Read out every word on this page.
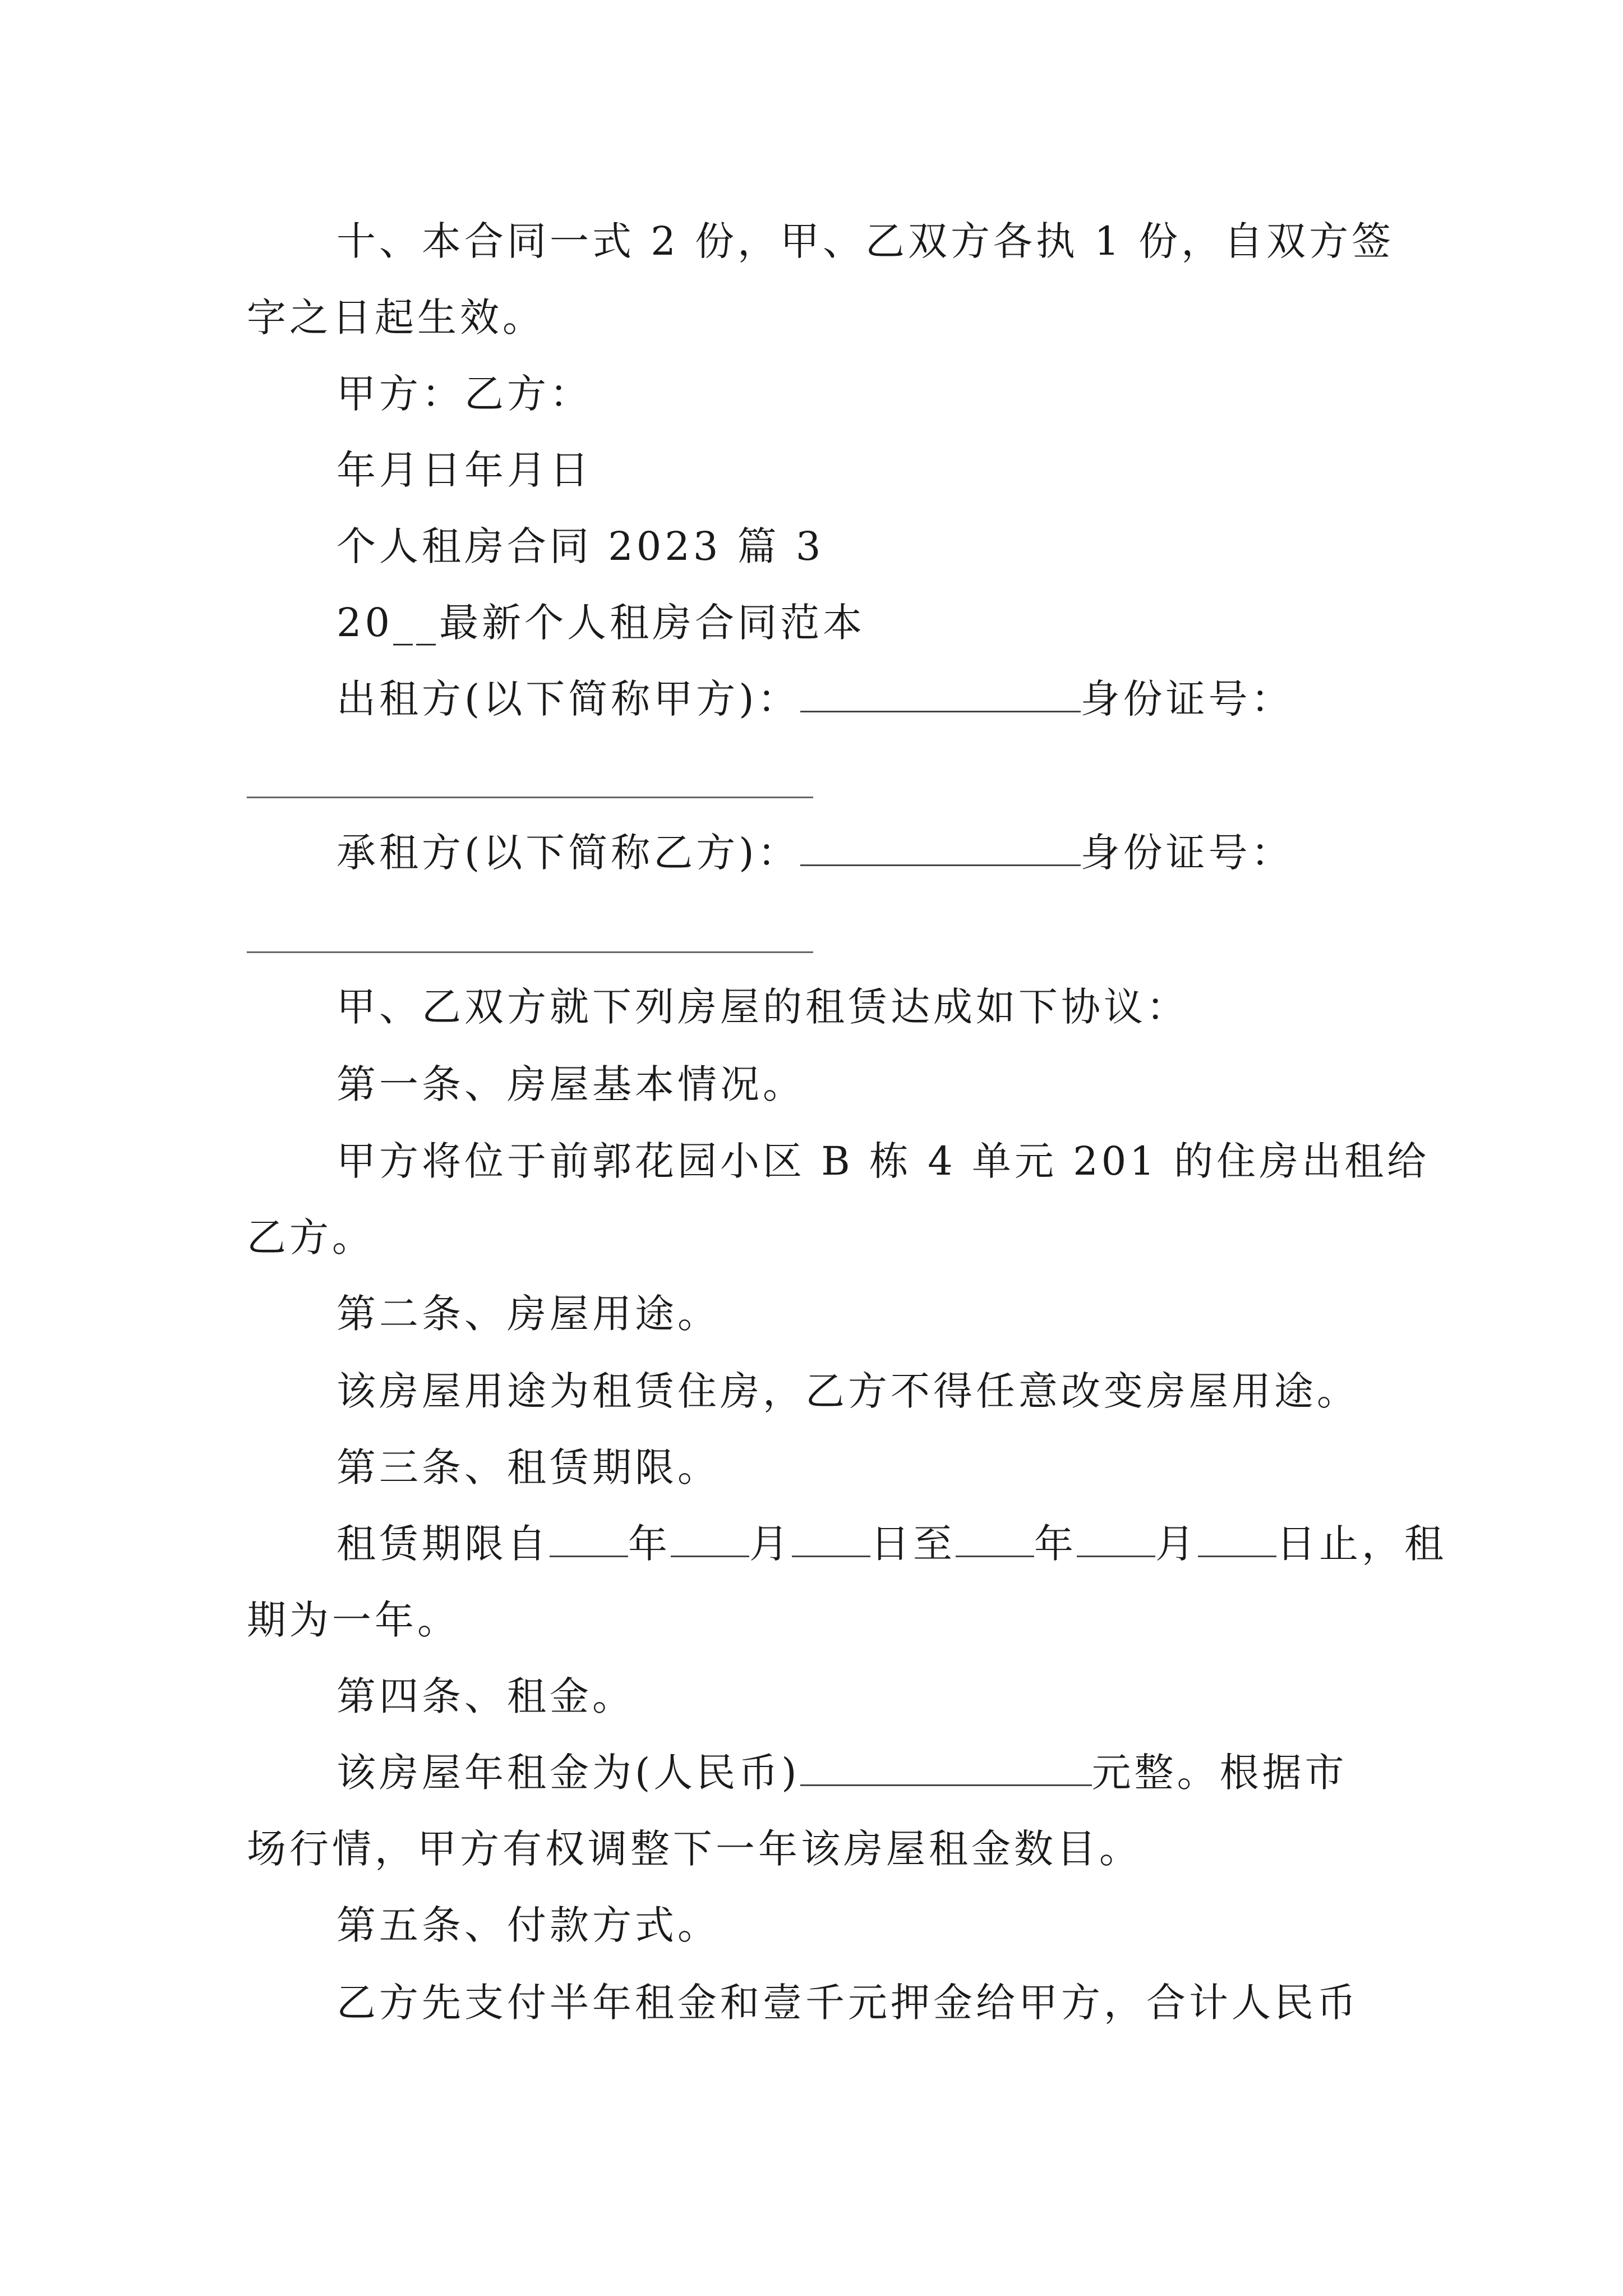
十、本合同一式 2 份，甲、乙双方各执 1 份，自双方签
字之日起生效。
甲方：乙方：
年月日年月日
个人租房合同 2023 篇 3
20__最新个人租房合同范本
出租方(以下简称甲方)：	身份证号：
承租方(以下简称乙方)：	身份证号：
甲、乙双方就下列房屋的租赁达成如下协议：
第一条、房屋基本情况。
甲方将位于前郭花园小区 B 栋 4 单元 201 的住房出租给
乙方。
第二条、房屋用途。
该房屋用途为租赁住房，乙方不得任意改变房屋用途。
第三条、租赁期限。
租赁期限自 年 月 日至 年 月 日止，租
期为一年。
第四条、租金。
该房屋年租金为(人民币)	元整。根据市
场行情，甲方有权调整下一年该房屋租金数目。
第五条、付款方式。
乙方先支付半年租金和壹千元押金给甲方，合计人民币
